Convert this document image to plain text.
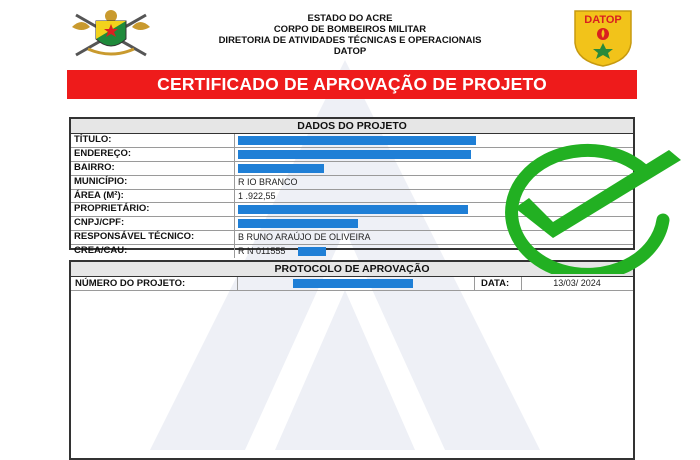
ESTADO DO ACRE
CORPO DE BOMBEIROS MILITAR
DIRETORIA DE ATIVIDADES TÉCNICAS E OPERACIONAIS
DATOP
DATOP
CERTIFICADO DE APROVAÇÃO DE PROJETO
DADOS DO PROJETO
TÍTULO:
ENDEREÇO:
BAIRRO:
MUNICÍPIO:	R IO BRANCO
ÁREA (M²):	1 .922,55
PROPRIETÁRIO:
CNPJ/CPF:
RESPONSÁVEL TÉCNICO:	B RUNO ARAÚJO DE OLIVEIRA
CREA/CAU:	R N 011555
PROTOCOLO DE APROVAÇÃO
NÚMERO DO PROJETO:	DATA:	13/03/ 2024
